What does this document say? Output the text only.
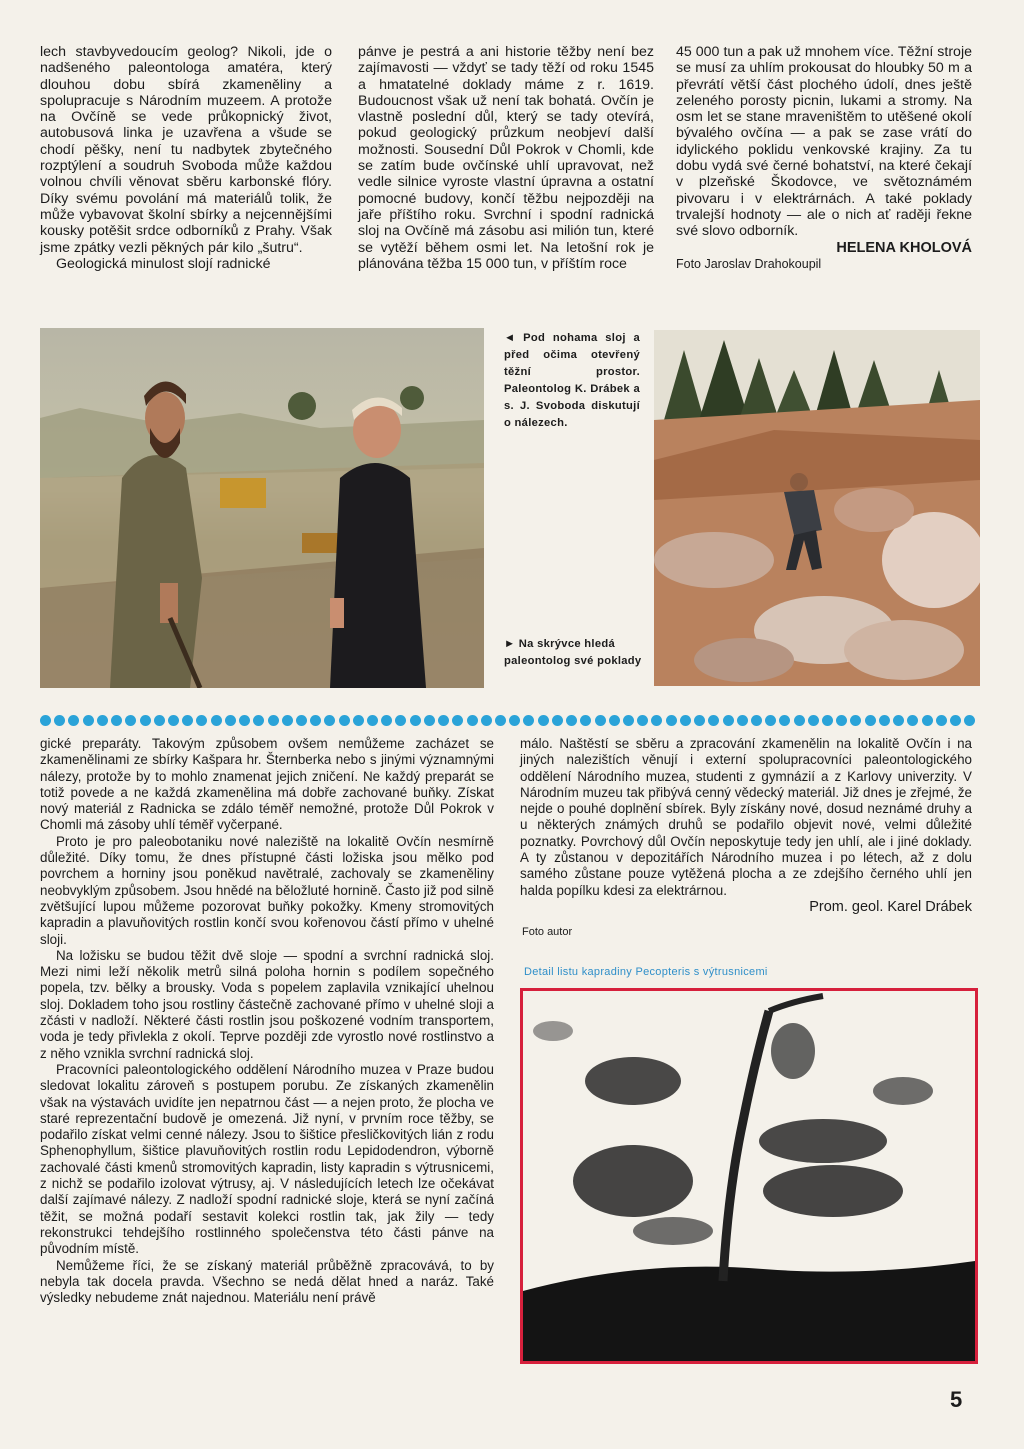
lech stavbyvedoucím geolog? Nikoli, jde o nadšeného paleontologa amatéra, který dlouhou dobu sbírá zkameněliny a spolupracuje s Národním muzeem. A protože na Ovčíně se vede průkopnický život, autobusová linka je uzavřena a všude se chodí pěšky, není tu nadbytek zbytečného rozptýlení a soudruh Svoboda může každou volnou chvíli věnovat sběru karbonské flóry. Díky svému povolání má materiálů tolik, že může vybavovat školní sbírky a nejcennějšími kousky potěšit srdce odborníků z Prahy. Však jsme zpátky vezli pěkných pár kilo „šutru“.

Geologická minulost slojí radnické

pánve je pestrá a ani historie těžby není bez zajímavosti — vždyť se tady těží od roku 1545 a hmatatelné doklady máme z r. 1619. Budoucnost však už není tak bohatá. Ovčín je vlastně poslední důl, který se tady otevírá, pokud geologický průzkum neobjeví další možnosti. Sousední Důl Pokrok v Chomli, kde se zatím bude ovčínské uhlí upravovat, než vedle silnice vyroste vlastní úpravna a ostatní pomocné budovy, končí těžbu nejpozději na jaře příštího roku. Svrchní i spodní radnická sloj na Ovčíně má zásobu asi milión tun, které se vytěží během osmi let. Na letošní rok je plánována těžba 15 000 tun, v příštím roce

45 000 tun a pak už mnohem více. Těžní stroje se musí za uhlím prokousat do hloubky 50 m a převrátí větší část plochého údolí, dnes ještě zeleného porosty picnin, lukami a stromy. Na osm let se stane mraveništěm to utěšené okolí bývalého ovčína — a pak se zase vrátí do idylického poklidu venkovské krajiny. Za tu dobu vydá své černé bohatství, na které čekají v plzeňské Škodovce, ve světoznámém pivovaru i v elektrárnách. A také poklady trvalejší hodnoty — ale o nich ať raději řekne své slovo odborník.

HELENA KHOLOVÁ

Foto Jaroslav Drahokoupil

◄ Pod nohama sloj a před očima otevřený těžní prostor. Paleontolog K. Drábek a s. J. Svoboda diskutují o nálezech.
► Na skrývce hledá paleontolog své poklady

gické preparáty. Takovým způsobem ovšem nemůžeme zacházet se zkamenělinami ze sbírky Kašpara hr. Šternberka nebo s jinými významnými nálezy, protože by to mohlo znamenat jejich zničení. Ne každý preparát se totiž povede a ne každá zkamenělina má dobře zachované buňky. Získat nový materiál z Radnicka se zdálo téměř nemožné, protože Důl Pokrok v Chomli má zásoby uhlí téměř vyčerpané.

Proto je pro paleobotaniku nové naleziště na lokalitě Ovčín nesmírně důležité. Díky tomu, že dnes přístupné části ložiska jsou mělko pod povrchem a horniny jsou poněkud navětralé, zachovaly se zkameněliny neobvyklým způsobem. Jsou hnědé na běložluté hornině. Často již pod silně zvětšující lupou můžeme pozorovat buňky pokožky. Kmeny stromovitých kapradin a plavuňovitých rostlin končí svou kořenovou částí přímo v uhelné sloji.

Na ložisku se budou těžit dvě sloje — spodní a svrchní radnická sloj. Mezi nimi leží několik metrů silná poloha hornin s podílem sopečného popela, tzv. bělky a brousky. Voda s popelem zaplavila vznikající uhelnou sloj. Dokladem toho jsou rostliny částečně zachované přímo v uhelné sloji a zčásti v nadloží. Některé části rostlin jsou poškozené vodním transportem, voda je tedy přivlekla z okolí. Teprve později zde vyrostlo nové rostlinstvo a z něho vznikla svrchní radnická sloj.

Pracovníci paleontologického oddělení Národního muzea v Praze budou sledovat lokalitu zároveň s postupem porubu. Ze získaných zkamenělin však na výstavách uvidíte jen nepatrnou část — a nejen proto, že plocha ve staré reprezentační budově je omezená. Již nyní, v prvním roce těžby, se podařilo získat velmi cenné nálezy. Jsou to šištice přesličkovitých lián z rodu Sphenophyllum, šištice plavuňovitých rostlin rodu Lepidodendron, výborně zachovalé části kmenů stromovitých kapradin, listy kapradin s výtrusnicemi, z nichž se podařilo izolovat výtrusy, aj. V následujících letech lze očekávat další zajímavé nálezy. Z nadloží spodní radnické sloje, která se nyní začíná těžit, se možná podaří sestavit kolekci rostlin tak, jak žily — tedy rekonstrukci tehdejšího rostlinného společenstva této části pánve na původním místě.

Nemůžeme říci, že se získaný materiál průběžně zpracovává, to by nebyla tak docela pravda. Všechno se nedá dělat hned a naráz. Také výsledky nebudeme znát najednou. Materiálu není právě

málo. Naštěstí se sběru a zpracování zkamenělin na lokalitě Ovčín i na jiných nalezištích věnují i externí spolupracovníci paleontologického oddělení Národního muzea, studenti z gymnázií a z Karlovy univerzity. V Národním muzeu tak přibývá cenný vědecký materiál. Již dnes je zřejmé, že nejde o pouhé doplnění sbírek. Byly získány nové, dosud neznámé druhy a u některých známých druhů se podařilo objevit nové, velmi důležité poznatky. Povrchový důl Ovčín neposkytuje tedy jen uhlí, ale i jiné doklady. A ty zůstanou v depozitářích Národního muzea i po létech, až z dolu samého zůstane pouze vytěžená plocha a ze zdejšího černého uhlí jen halda popílku kdesi za elektrárnou.

Prom. geol. Karel Drábek

Foto autor
Detail listu kapradiny Pecopteris s výtrusnicemi
5
